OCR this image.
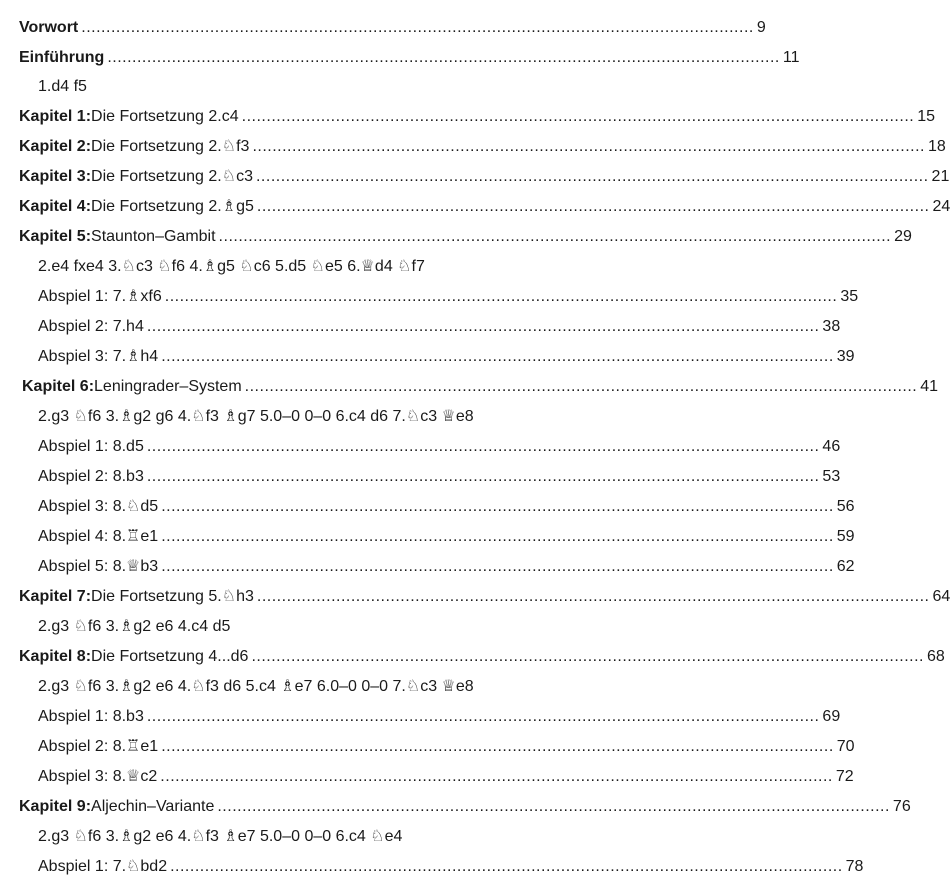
Vorwort ........................................................................................................................................ 9
Einführung ........................................................................................................................................ 11
1.d4 f5
Kapitel 1: Die Fortsetzung 2.c4 ........................................................................................................................................ 15
Kapitel 2: Die Fortsetzung 2.♘f3 ........................................................................................................................................ 18
Kapitel 3: Die Fortsetzung 2.♘c3 ........................................................................................................................................ 21
Kapitel 4: Die Fortsetzung 2.♗g5 ........................................................................................................................................ 24
Kapitel 5: Staunton–Gambit ........................................................................................................................................ 29
2.e4 fxe4 3.♘c3 ♘f6 4.♗g5 ♘c6 5.d5 ♘e5 6.♕d4 ♘f7
Abspiel 1: 7.♗xf6 ........................................................................................................................................ 35
Abspiel 2: 7.h4 ........................................................................................................................................ 38
Abspiel 3: 7.♗h4 ........................................................................................................................................ 39
Kapitel 6: Leningrader–System ........................................................................................................................................ 41
2.g3 ♘f6 3.♗g2 g6 4.♘f3 ♗g7 5.0–0 0–0 6.c4 d6 7.♘c3 ♕e8
Abspiel 1: 8.d5 ........................................................................................................................................ 46
Abspiel 2: 8.b3 ........................................................................................................................................ 53
Abspiel 3: 8.♘d5 ........................................................................................................................................ 56
Abspiel 4: 8.♖e1 ........................................................................................................................................ 59
Abspiel 5: 8.♕b3 ........................................................................................................................................ 62
Kapitel 7: Die Fortsetzung 5.♘h3 ........................................................................................................................................ 64
2.g3 ♘f6 3.♗g2 e6 4.c4 d5
Kapitel 8: Die Fortsetzung 4...d6 ........................................................................................................................................ 68
2.g3 ♘f6 3.♗g2 e6 4.♘f3 d6 5.c4 ♗e7 6.0–0 0–0 7.♘c3 ♕e8
Abspiel 1: 8.b3 ........................................................................................................................................ 69
Abspiel 2: 8.♖e1 ........................................................................................................................................ 70
Abspiel 3: 8.♕c2 ........................................................................................................................................ 72
Kapitel 9: Aljechin–Variante ........................................................................................................................................ 76
2.g3 ♘f6 3.♗g2 e6 4.♘f3 ♗e7 5.0–0 0–0 6.c4 ♘e4
Abspiel 1: 7.♘bd2 ........................................................................................................................................ 78
